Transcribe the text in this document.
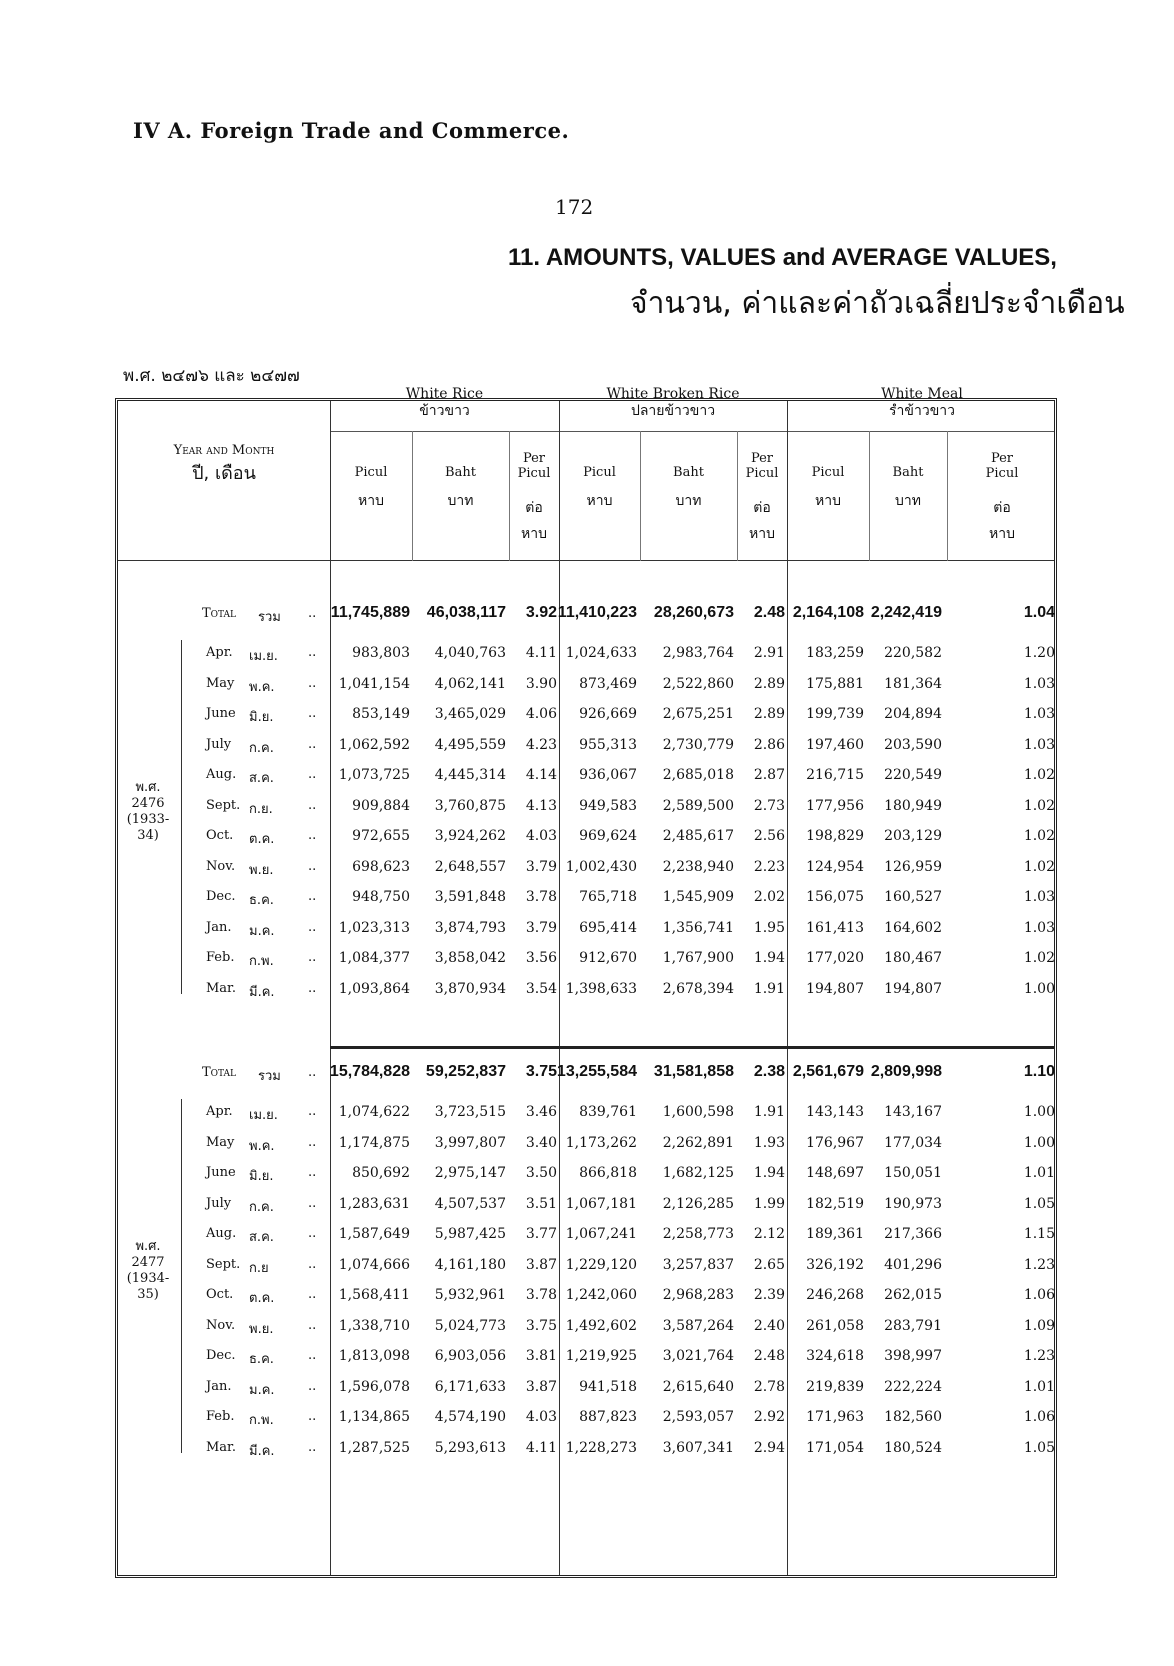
IV A. Foreign Trade and Commerce.
172
11. AMOUNTS, VALUES and AVERAGE VALUES,
จำนวน, ค่าและค่าถัวเฉลี่ยประจำเดือน
พ.ศ. ๒๔๗๖ และ ๒๔๗๗
Year and Month
ปี, เดือน
White Rice
ข้าวขาว
White Broken Rice
ปลายข้าวขาว
White Meal
รำข้าวขาว
Picul
หาบ
Baht
บาท
Per Picul
ต่อ หาบ
Picul
หาบ
Baht
บาท
Per Picul
ต่อ หาบ
Picul
หาบ
Baht
บาท
Per Picul
ต่อ หาบ
พ.ศ.
2476
(1933-34)
Total รวม .. 11,745,889 46,038,117 3.92 11,410,223 28,260,673 2.48 2,164,108 2,242,419	1.04
Apr. เม.ย. ..	983,803 4,040,763 4.11 1,024,633 2,983,764 2.91 183,259 220,582	1.20
May พ.ค.	.. 1,041,154 4,062,141 3.90 873,469 2,522,860 2.89 175,881 181,364	1.03
June มิ.ย.	..	853,149 3,465,029 4.06 926,669 2,675,251 2.89 199,739 204,894	1.03
July ก.ค.	.. 1,062,592 4,495,559 4.23 955,313 2,730,779 2.86 197,460 203,590	1.03
Aug. ส.ค.	.. 1,073,725 4,445,314 4.14 936,067 2,685,018 2.87 216,715 220,549	1.02
Sept. ก.ย.	..	909,884 3,760,875 4.13 949,583 2,589,500 2.73 177,956 180,949	1.02
Oct. ต.ค.	..	972,655 3,924,262 4.03 969,624 2,485,617 2.56 198,829 203,129	1.02
Nov. พ.ย.	..	698,623 2,648,557 3.79 1,002,430 2,238,940 2.23 124,954 126,959	1.02
Dec. ธ.ค.	..	948,750 3,591,848 3.78 765,718 1,545,909 2.02 156,075 160,527	1.03
Jan. ม.ค.	.. 1,023,313 3,874,793 3.79 695,414 1,356,741 1.95 161,413 164,602	1.03
Feb. ก.พ.	.. 1,084,377 3,858,042 3.56 912,670 1,767,900 1.94 177,020 180,467	1.02
Mar. มี.ค.	.. 1,093,864 3,870,934 3.54 1,398,633 2,678,394 1.91 194,807 194,807	1.00
พ.ศ.
2477
(1934-35)
Total รวม .. 15,784,828 59,252,837 3.75 13,255,584 31,581,858 2.38 2,561,679 2,809,998	1.10
Apr. เม.ย. .. 1,074,622 3,723,515 3.46 839,761 1,600,598 1.91 143,143 143,167	1.00
May พ.ค.	.. 1,174,875 3,997,807 3.40 1,173,262 2,262,891 1.93 176,967 177,034	1.00
June มิ.ย.	..	850,692 2,975,147 3.50 866,818 1,682,125 1.94 148,697 150,051	1.01
July ก.ค.	.. 1,283,631 4,507,537 3.51 1,067,181 2,126,285 1.99 182,519 190,973	1.05
Aug. ส.ค.	.. 1,587,649 5,987,425 3.77 1,067,241 2,258,773 2.12 189,361 217,366	1.15
Sept. ก.ย	.. 1,074,666 4,161,180 3.87 1,229,120 3,257,837 2.65 326,192 401,296	1.23
Oct. ต.ค.	.. 1,568,411 5,932,961 3.78 1,242,060 2,968,283 2.39 246,268 262,015	1.06
Nov. พ.ย.	.. 1,338,710 5,024,773 3.75 1,492,602 3,587,264 2.40 261,058 283,791	1.09
Dec. ธ.ค.	.. 1,813,098 6,903,056 3.81 1,219,925 3,021,764 2.48 324,618 398,997	1.23
Jan. ม.ค.	.. 1,596,078 6,171,633 3.87 941,518 2,615,640 2.78 219,839 222,224	1.01
Feb. ก.พ.	.. 1,134,865 4,574,190 4.03 887,823 2,593,057 2.92 171,963 182,560	1.06
Mar. มี.ค.	.. 1,287,525 5,293,613 4.11 1,228,273 3,607,341 2.94 171,054 180,524	1.05
